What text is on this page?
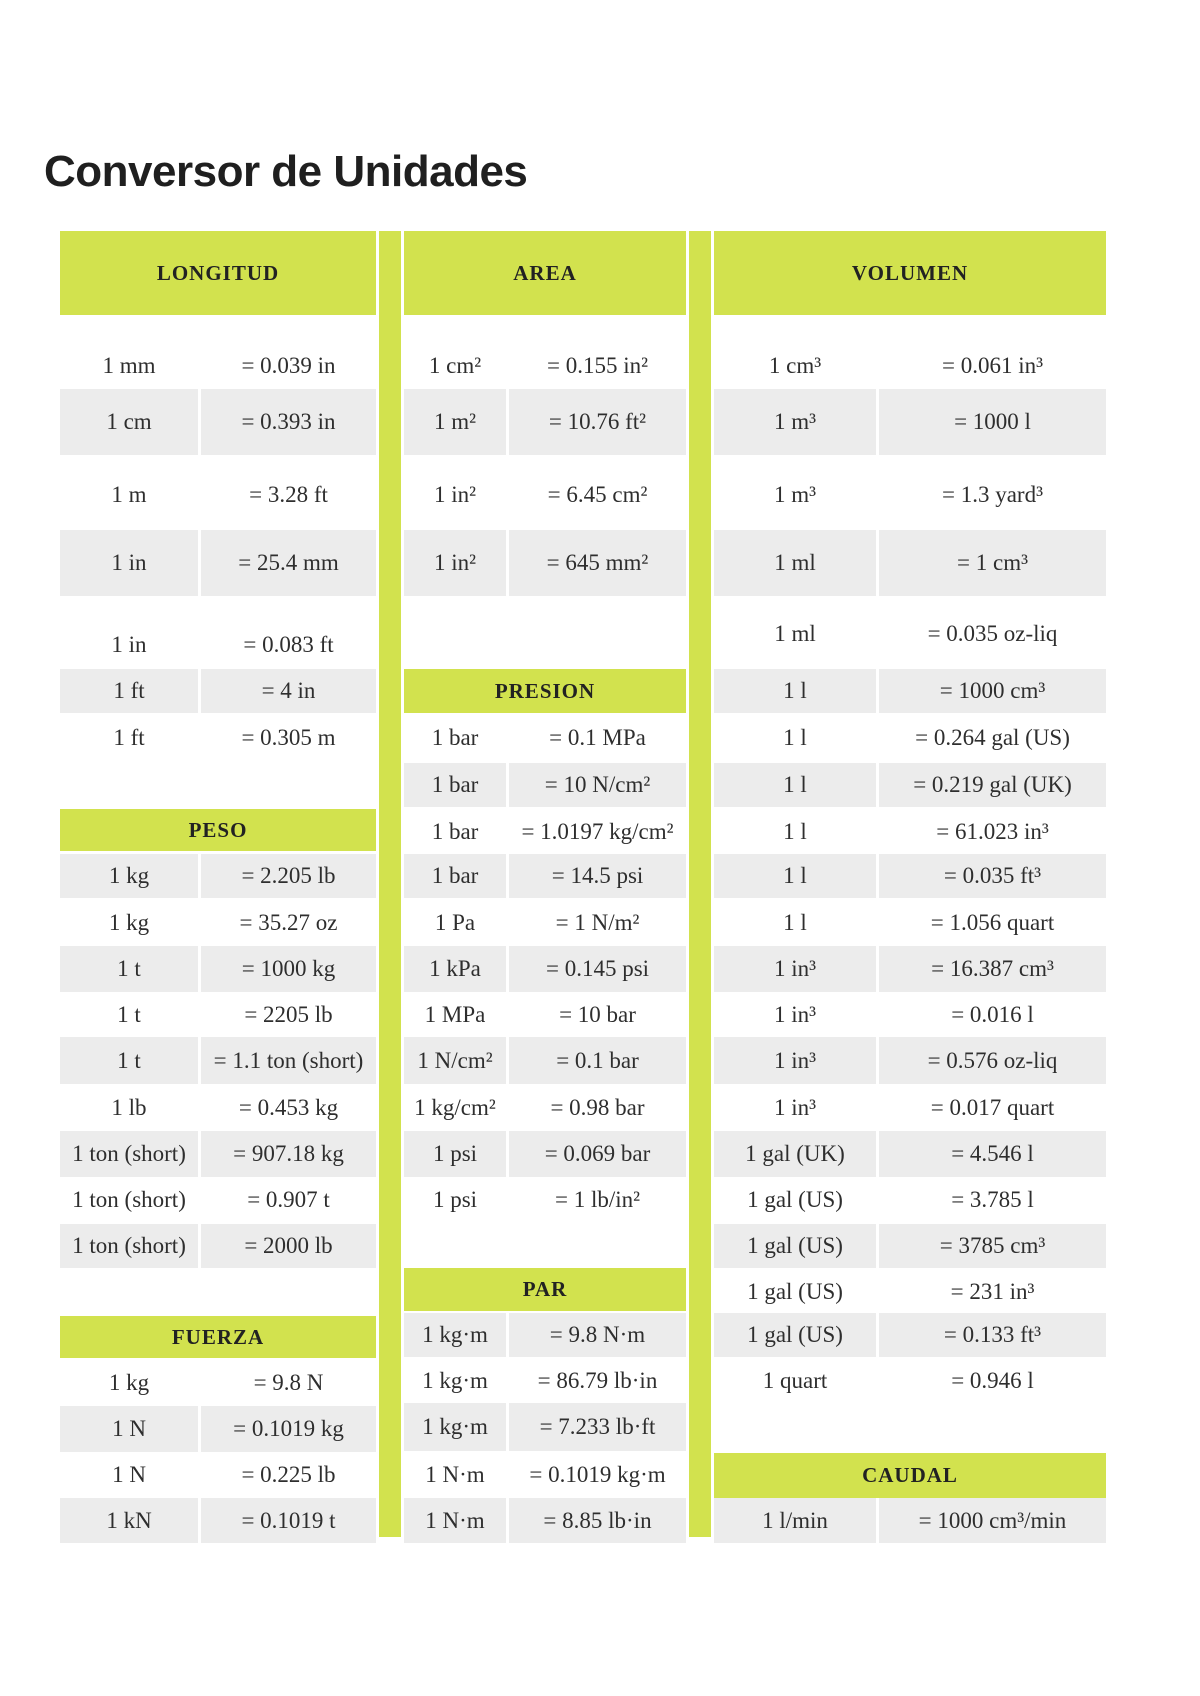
Conversor de Unidades
LONGITUD
1 mm	= 0.039 in
1 cm	= 0.393 in
1 m	= 3.28 ft
1 in	= 25.4 mm
1 in	= 0.083 ft
1 ft	= 4 in
1 ft	= 0.305 m
PESO
1 kg	= 2.205 lb
1 kg	= 35.27 oz
1 t	= 1000 kg
1 t	= 2205 lb
1 t	= 1.1 ton (short)
1 lb	= 0.453 kg
1 ton (short)	= 907.18 kg
1 ton (short)	= 0.907 t
1 ton (short)	= 2000 lb
FUERZA
1 kg	= 9.8 N
1 N	= 0.1019 kg
1 N	= 0.225 lb
1 kN	= 0.1019 t
AREA
1 cm²	= 0.155 in²
1 m²	= 10.76 ft²
1 in²	= 6.45 cm²
1 in²	= 645 mm²
PRESION
1 bar	= 0.1 MPa
1 bar	= 10 N/cm²
1 bar	= 1.0197 kg/cm²
1 bar	= 14.5 psi
1 Pa	= 1 N/m²
1 kPa	= 0.145 psi
1 MPa	= 10 bar
1 N/cm²	= 0.1 bar
1 kg/cm²	= 0.98 bar
1 psi	= 0.069 bar
1 psi	= 1 lb/in²
PAR
1 kg·m	= 9.8 N·m
1 kg·m	= 86.79 lb·in
1 kg·m	= 7.233 lb·ft
1 N·m	= 0.1019 kg·m
1 N·m	= 8.85 lb·in
VOLUMEN
1 cm³	= 0.061 in³
1 m³	= 1000 l
1 m³	= 1.3 yard³
1 ml	= 1 cm³
1 ml	= 0.035 oz-liq
1 l	= 1000 cm³
1 l	= 0.264 gal (US)
1 l	= 0.219 gal (UK)
1 l	= 61.023 in³
1 l	= 0.035 ft³
1 l	= 1.056 quart
1 in³	= 16.387 cm³
1 in³	= 0.016 l
1 in³	= 0.576 oz-liq
1 in³	= 0.017 quart
1 gal (UK)	= 4.546 l
1 gal (US)	= 3.785 l
1 gal (US)	= 3785 cm³
1 gal (US)	= 231 in³
1 gal (US)	= 0.133 ft³
1 quart	= 0.946 l
CAUDAL
1 l/min	= 1000 cm³/min
